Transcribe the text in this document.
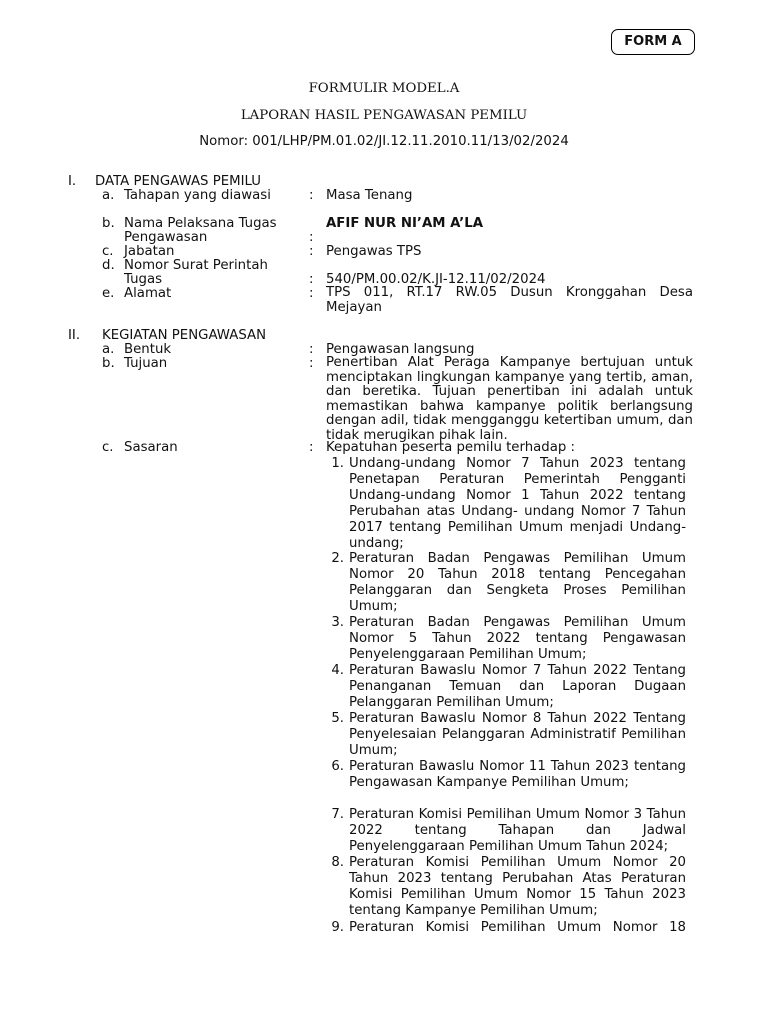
FORM A
FORMULIR MODEL.A
LAPORAN HASIL PENGAWASAN PEMILU
Nomor: 001/LHP/PM.01.02/JI.12.11.2010.11/13/02/2024
I. DATA PENGAWAS PEMILU
a. Tahapan yang diawasi	: Masa Tenang
b. Nama Pelaksana Tugas
Pengawasan	:
AFIF NUR NI’AM A’LA
c. Jabatan	: Pengawas TPS
d. Nomor Surat Perintah
Tugas	: 540/PM.00.02/K.JI-12.11/02/2024
e. Alamat	: TPS 011, RT.17 RW.05 Dusun Kronggahan Desa Mejayan
II. KEGIATAN PENGAWASAN
a. Bentuk	: Pengawasan langsung
b. Tujuan	: Penertiban Alat Peraga Kampanye bertujuan untuk menciptakan lingkungan kampanye yang tertib, aman, dan beretika. Tujuan penertiban ini adalah untuk memastikan bahwa kampanye politik berlangsung dengan adil, tidak mengganggu ketertiban umum, dan tidak merugikan pihak lain.
c. Sasaran	: Kepatuhan peserta pemilu terhadap :
1. Undang-undang Nomor 7 Tahun 2023 tentang Penetapan Peraturan Pemerintah Pengganti Undang-undang Nomor 1 Tahun 2022 tentang Perubahan atas Undang- undang Nomor 7 Tahun 2017 tentang Pemilihan Umum menjadi Undang-undang;
2. Peraturan Badan Pengawas Pemilihan Umum Nomor 20 Tahun 2018 tentang Pencegahan Pelanggaran dan Sengketa Proses Pemilihan Umum;
3. Peraturan Badan Pengawas Pemilihan Umum Nomor 5 Tahun 2022 tentang Pengawasan Penyelenggaraan Pemilihan Umum;
4. Peraturan Bawaslu Nomor 7 Tahun 2022 Tentang Penanganan Temuan dan Laporan Dugaan Pelanggaran Pemilihan Umum;
5. Peraturan Bawaslu Nomor 8 Tahun 2022 Tentang Penyelesaian Pelanggaran Administratif Pemilihan Umum;
6. Peraturan Bawaslu Nomor 11 Tahun 2023 tentang Pengawasan Kampanye Pemilihan Umum;
7. Peraturan Komisi Pemilihan Umum Nomor 3 Tahun 2022 tentang Tahapan dan Jadwal Penyelenggaraan Pemilihan Umum Tahun 2024;
8. Peraturan Komisi Pemilihan Umum Nomor 20 Tahun 2023 tentang Perubahan Atas Peraturan Komisi Pemilihan Umum Nomor 15 Tahun 2023 tentang Kampanye Pemilihan Umum;
9. Peraturan Komisi Pemilihan Umum Nomor 18
